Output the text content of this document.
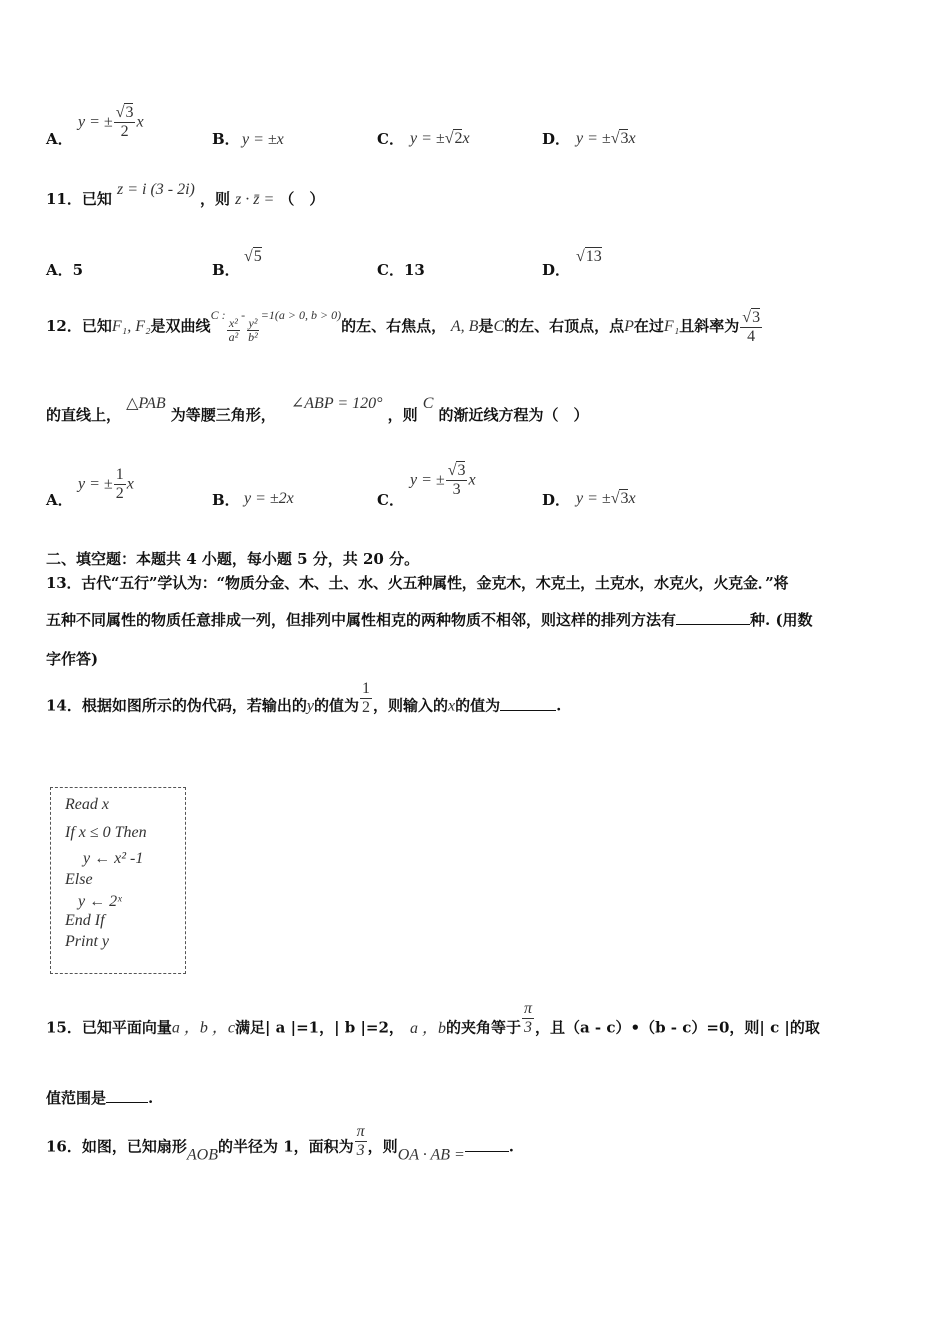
A．
y = ± $\frac{√3}{2}$ x
B． y = ±x	C． y = ±√2x	D． y = ±√3x
11．已知 z = i (3 - 2i) ，则 z · z̄ = （　）
A．5	B．
√5
C．13	D．
√13
12．已知F₁, F₂是双曲线$^{C :}$
$\frac{\text{x²}}{\text{a²}}$
-
$\frac{\text{y²}}{\text{b²}}$
$^{=1(a > 0, b > 0)}$的左、右焦点， A, B是C的左、右顶点，点P在过F₁且斜率为 $\frac{√3}{4}$
的直线上， △PAB 为等腰三角形， ∠ABP = 120° ，则 C 的渐近线方程为（　）
A．
y = ± $\frac{1}{2}$ x
B． y = ±2x	C．
y = ± $\frac{√3}{3}$ x
D． y = ±√3x
二、填空题：本题共 4 小题，每小题 5 分，共 20 分。
13．古代“五行”学认为：“物质分金、木、土、水、火五种属性，金克木，木克土，土克水，水克火，火克金．”将
五种不同属性的物质任意排成一列，但排列中属性相克的两种物质不相邻，则这样的排列方法有	种. (用数
字作答)
14．根据如图所示的伪代码，若输出的y的值为 $\frac{1}{2}$ ，则输入的x的值为	.
Read x
If x ≤ 0 Then
y ← x² -1
Else
y ← 2ˣ
End If
Print y
15．已知平面向量a ，b ，c满足| a |=1，| b |=2， a ，b的夹角等于 $\frac{\pi}{3}$ ，且（a - c）•（b - c）=0，则| c |的取
值范围是	.
16．如图，已知扇形AOB的半径为 1，面积为 $\frac{\pi}{3}$ ，则OA · AB =	.
